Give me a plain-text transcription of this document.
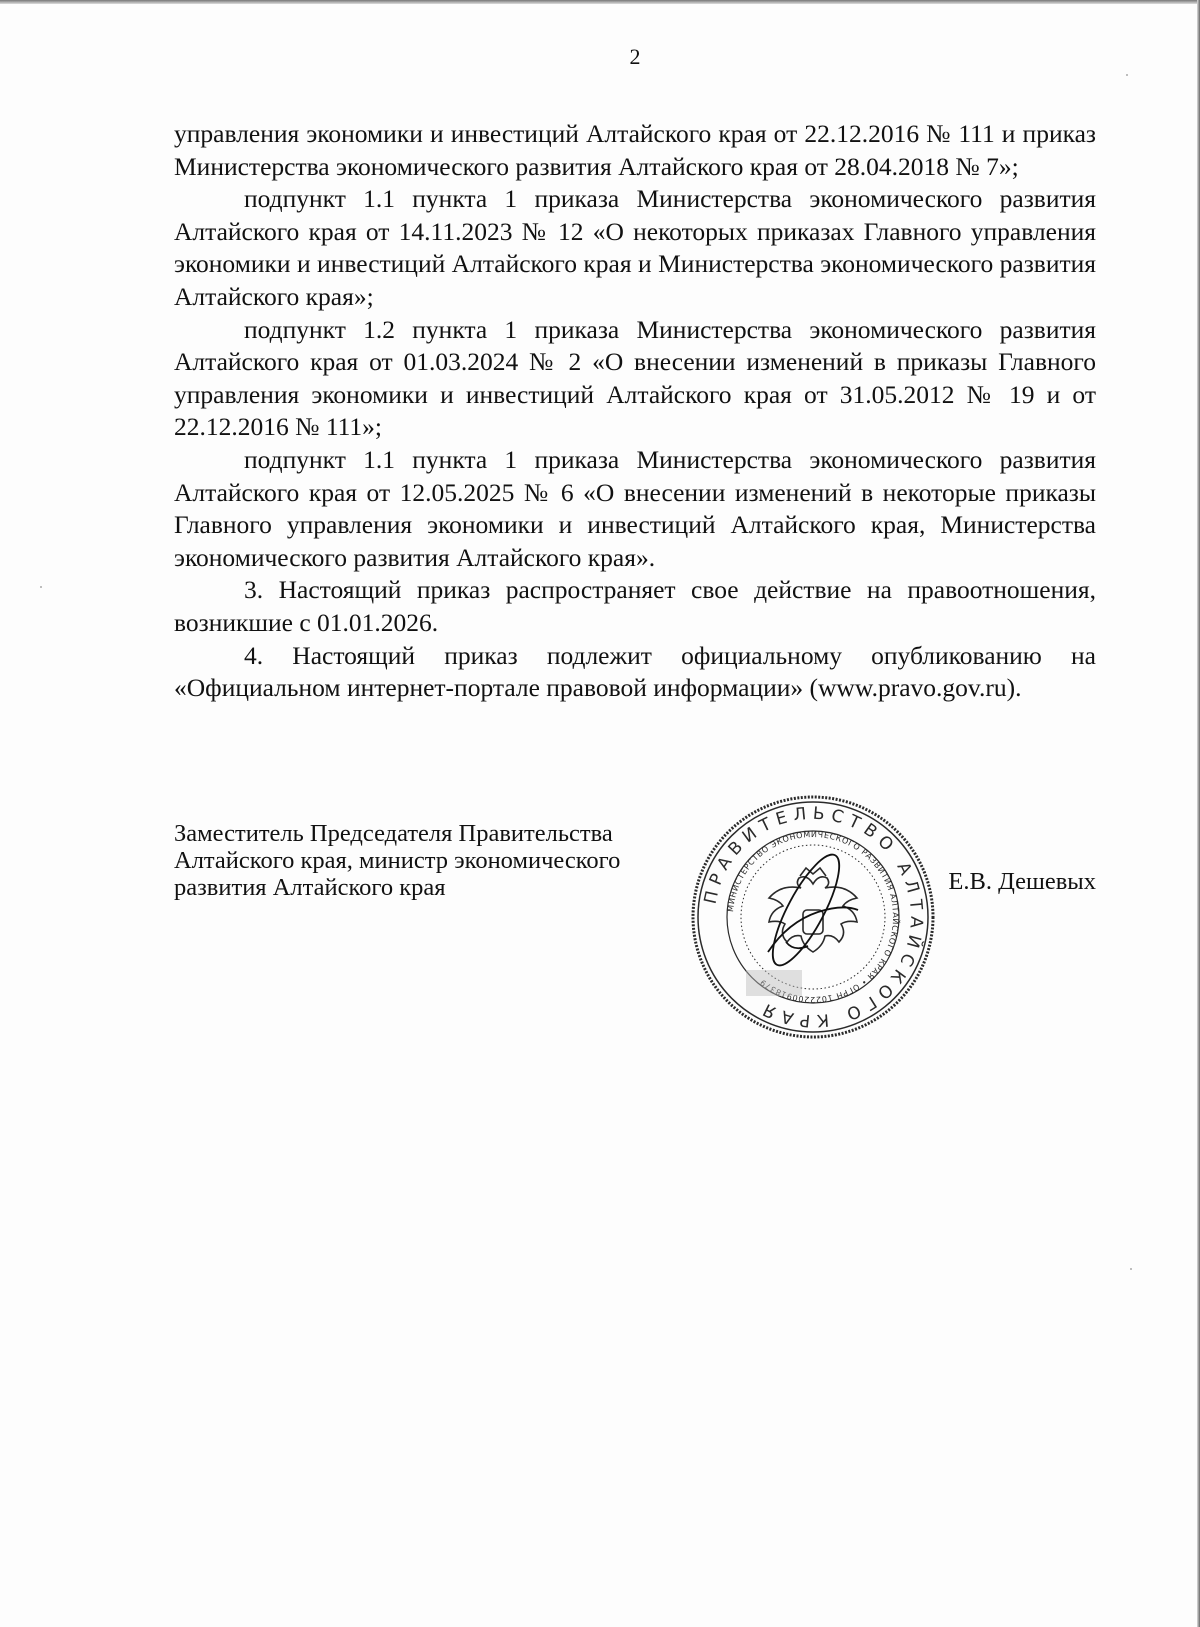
2

управления экономики и инвестиций Алтайского края от 22.12.2016 № 111 и приказ Министерства экономического развития Алтайского края от 28.04.2018 № 7»;

подпункт 1.1 пункта 1 приказа Министерства экономического развития Алтайского края от 14.11.2023 № 12 «О некоторых приказах Главного управления экономики и инвестиций Алтайского края и Министерства экономического развития Алтайского края»;

подпункт 1.2 пункта 1 приказа Министерства экономического развития Алтайского края от 01.03.2024 № 2 «О внесении изменений в приказы Главного управления экономики и инвестиций Алтайского края от 31.05.2012 № 19 и от 22.12.2016 № 111»;

подпункт 1.1 пункта 1 приказа Министерства экономического развития Алтайского края от 12.05.2025 № 6 «О внесении изменений в некоторые приказы Главного управления экономики и инвестиций Алтайского края, Министерства экономического развития Алтайского края».

3. Настоящий приказ распространяет свое действие на правоотношения, возникшие с 01.01.2026.

4. Настоящий приказ подлежит официальному опубликованию на «Официальном интернет-портале правовой информации» (www.pravo.gov.ru).

Заместитель Председателя Правительства
Алтайского края, министр экономического
развития Алтайского края	ПРАВИТЕЛЬСТВО АЛТАЙСКОГО КРАЯ
МИНИСТЕРСТВО ЭКОНОМИЧЕСКОГО РАЗВИТИЯ АЛТАЙСКОГО КРАЯ • ОГРН 1022200918379
Е.В. Дешевых
